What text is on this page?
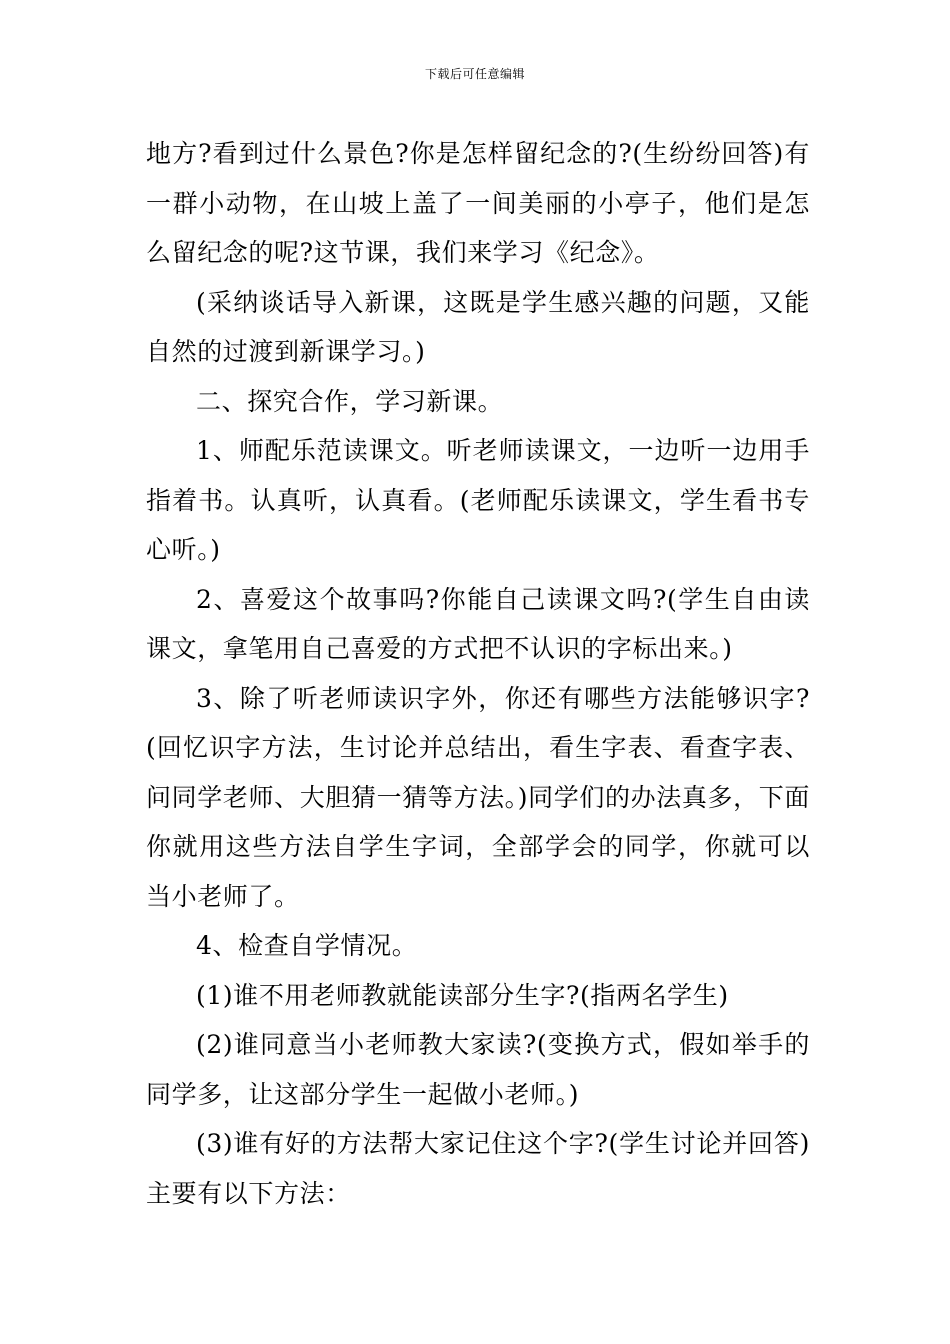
下载后可任意编辑

地方?看到过什么景色?你是怎样留纪念的?(生纷纷回答)有一群小动物，在山坡上盖了一间美丽的小亭子，他们是怎么留纪念的呢?这节课，我们来学习《纪念》。

(采纳谈话导入新课，这既是学生感兴趣的问题，又能自然的过渡到新课学习。)

二、探究合作，学习新课。

1、师配乐范读课文。听老师读课文，一边听一边用手指着书。认真听，认真看。(老师配乐读课文，学生看书专心听。)

2、喜爱这个故事吗?你能自己读课文吗?(学生自由读课文，拿笔用自己喜爱的方式把不认识的字标出来。)

3、除了听老师读识字外，你还有哪些方法能够识字?(回忆识字方法，生讨论并总结出，看生字表、看查字表、问同学老师、大胆猜一猜等方法。)同学们的办法真多，下面你就用这些方法自学生字词，全部学会的同学，你就可以当小老师了。

4、检查自学情况。

(1)谁不用老师教就能读部分生字?(指两名学生)

(2)谁同意当小老师教大家读?(变换方式，假如举手的同学多，让这部分学生一起做小老师。)

(3)谁有好的方法帮大家记住这个字?(学生讨论并回答)主要有以下方法：
